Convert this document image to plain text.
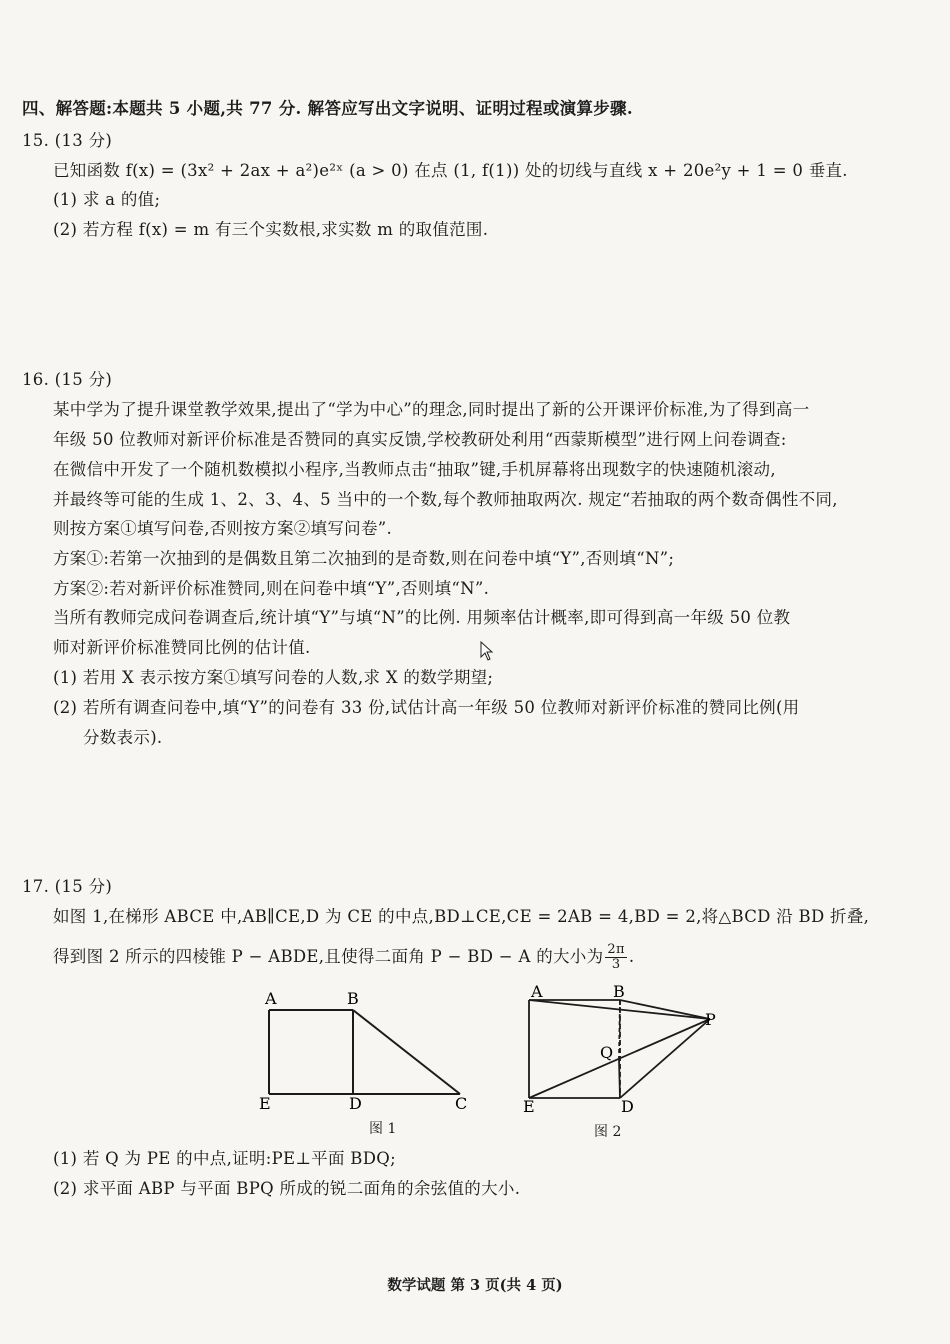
四、解答题:本题共 5 小题,共 77 分. 解答应写出文字说明、证明过程或演算步骤.
15. (13 分)
已知函数 f(x) = (3x² + 2ax + a²)e²ˣ (a > 0) 在点 (1, f(1)) 处的切线与直线 x + 20e²y + 1 = 0 垂直.
(1) 求 a 的值;
(2) 若方程 f(x) = m 有三个实数根,求实数 m 的取值范围.
16. (15 分)
某中学为了提升课堂教学效果,提出了“学为中心”的理念,同时提出了新的公开课评价标准,为了得到高一
年级 50 位教师对新评价标准是否赞同的真实反馈,学校教研处利用“西蒙斯模型”进行网上问卷调查:
在微信中开发了一个随机数模拟小程序,当教师点击“抽取”键,手机屏幕将出现数字的快速随机滚动,
并最终等可能的生成 1、2、3、4、5 当中的一个数,每个教师抽取两次. 规定“若抽取的两个数奇偶性不同,
则按方案①填写问卷,否则按方案②填写问卷”.
方案①:若第一次抽到的是偶数且第二次抽到的是奇数,则在问卷中填“Y”,否则填“N”;
方案②:若对新评价标准赞同,则在问卷中填“Y”,否则填“N”.
当所有教师完成问卷调查后,统计填“Y”与填“N”的比例. 用频率估计概率,即可得到高一年级 50 位教
师对新评价标准赞同比例的估计值.
(1) 若用 X 表示按方案①填写问卷的人数,求 X 的数学期望;
(2) 若所有调查问卷中,填“Y”的问卷有 33 份,试估计高一年级 50 位教师对新评价标准的赞同比例(用
分数表示).
17. (15 分)
如图 1,在梯形 ABCE 中,AB∥CE,D 为 CE 的中点,BD⊥CE,CE = 2AB = 4,BD = 2,将△BCD 沿 BD 折叠,
得到图 2 所示的四棱锥 P − ABDE,且使得二面角 P − BD − A 的大小为 $\frac{2\pi}{3}$ .
A	B
E	D	C
图 1
A	B
P
Q
E	D
图 2
(1) 若 Q 为 PE 的中点,证明:PE⊥平面 BDQ;
(2) 求平面 ABP 与平面 BPQ 所成的锐二面角的余弦值的大小.
数学试题 第 3 页(共 4 页)
